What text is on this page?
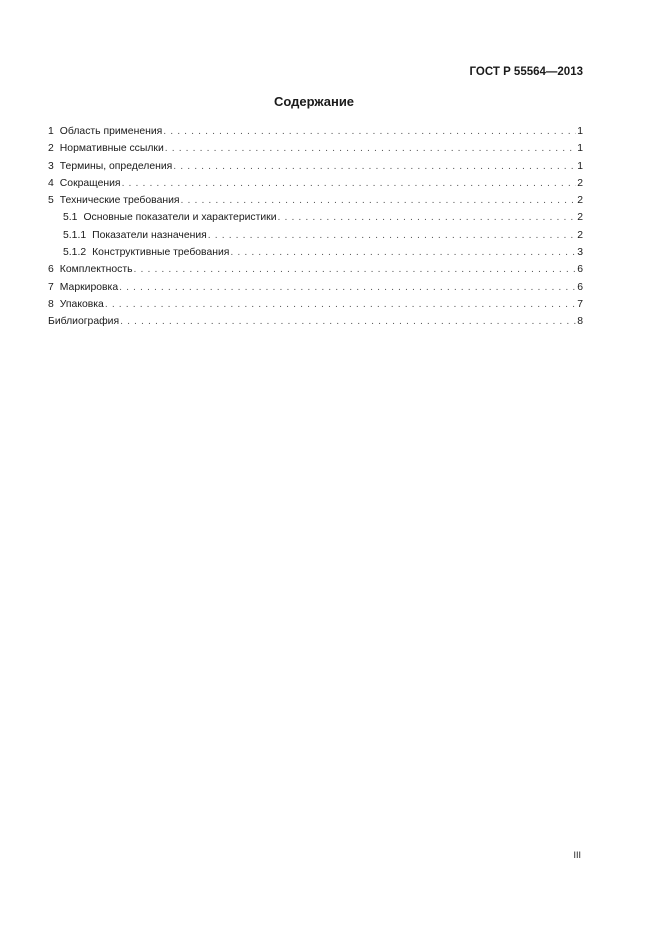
ГОСТ Р 55564—2013
Содержание
1 Область применения . . .	1
2 Нормативные ссылки . . .	1
3 Термины, определения . . .	1
4 Сокращения . . .	2
5 Технические требования . . .	2
5.1 Основные показатели и характеристики . . .	2
5.1.1 Показатели назначения . . .	2
5.1.2 Конструктивные требования . . .	3
6 Комплектность . . .	6
7 Маркировка . . .	6
8 Упаковка . . .	7
Библиография . . .	8
III
